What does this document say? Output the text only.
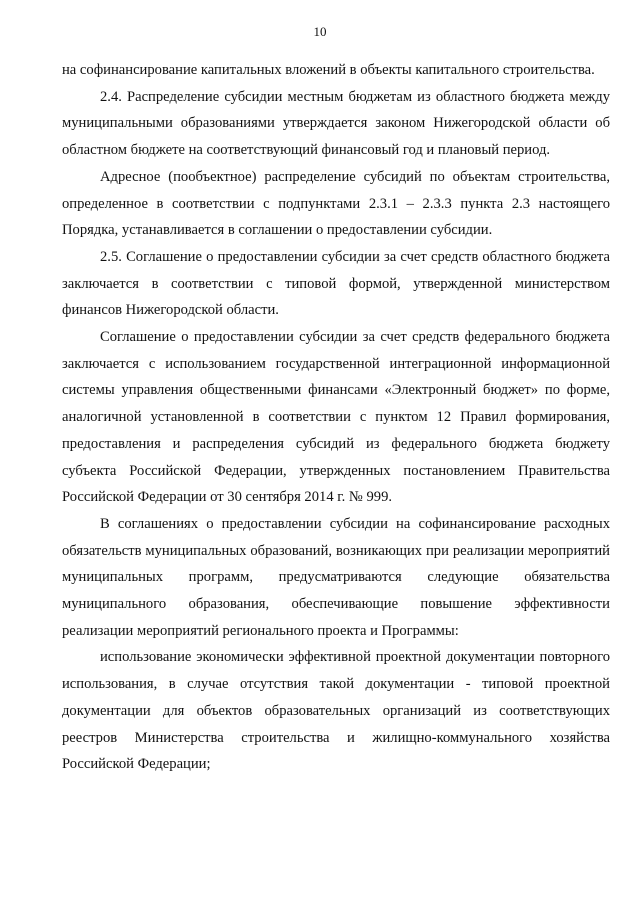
10

на софинансирование капитальных вложений в объекты капитального строительства.

2.4. Распределение субсидии местным бюджетам из областного бюджета между муниципальными образованиями утверждается законом Нижегородской области об областном бюджете на соответствующий финансовый год и плановый период.

Адресное (пообъектное) распределение субсидий по объектам строительства, определенное в соответствии с подпунктами 2.3.1 – 2.3.3 пункта 2.3 настоящего Порядка, устанавливается в соглашении о предоставлении субсидии.

2.5. Соглашение о предоставлении субсидии за счет средств областного бюджета заключается в соответствии с типовой формой, утвержденной министерством финансов Нижегородской области.

Соглашение о предоставлении субсидии за счет средств федерального бюджета заключается с использованием государственной интеграционной информационной системы управления общественными финансами «Электронный бюджет» по форме, аналогичной установленной в соответствии с пунктом 12 Правил формирования, предоставления и распределения субсидий из федерального бюджета бюджету субъекта Российской Федерации, утвержденных постановлением Правительства Российской Федерации от 30 сентября 2014 г. № 999.

В соглашениях о предоставлении субсидии на софинансирование расходных обязательств муниципальных образований, возникающих при реализации мероприятий муниципальных программ, предусматриваются следующие обязательства муниципального образования, обеспечивающие повышение эффективности реализации мероприятий регионального проекта и Программы:

использование экономически эффективной проектной документации повторного использования, в случае отсутствия такой документации - типовой проектной документации для объектов образовательных организаций из соответствующих реестров Министерства строительства и жилищно-коммунального хозяйства Российской Федерации;
